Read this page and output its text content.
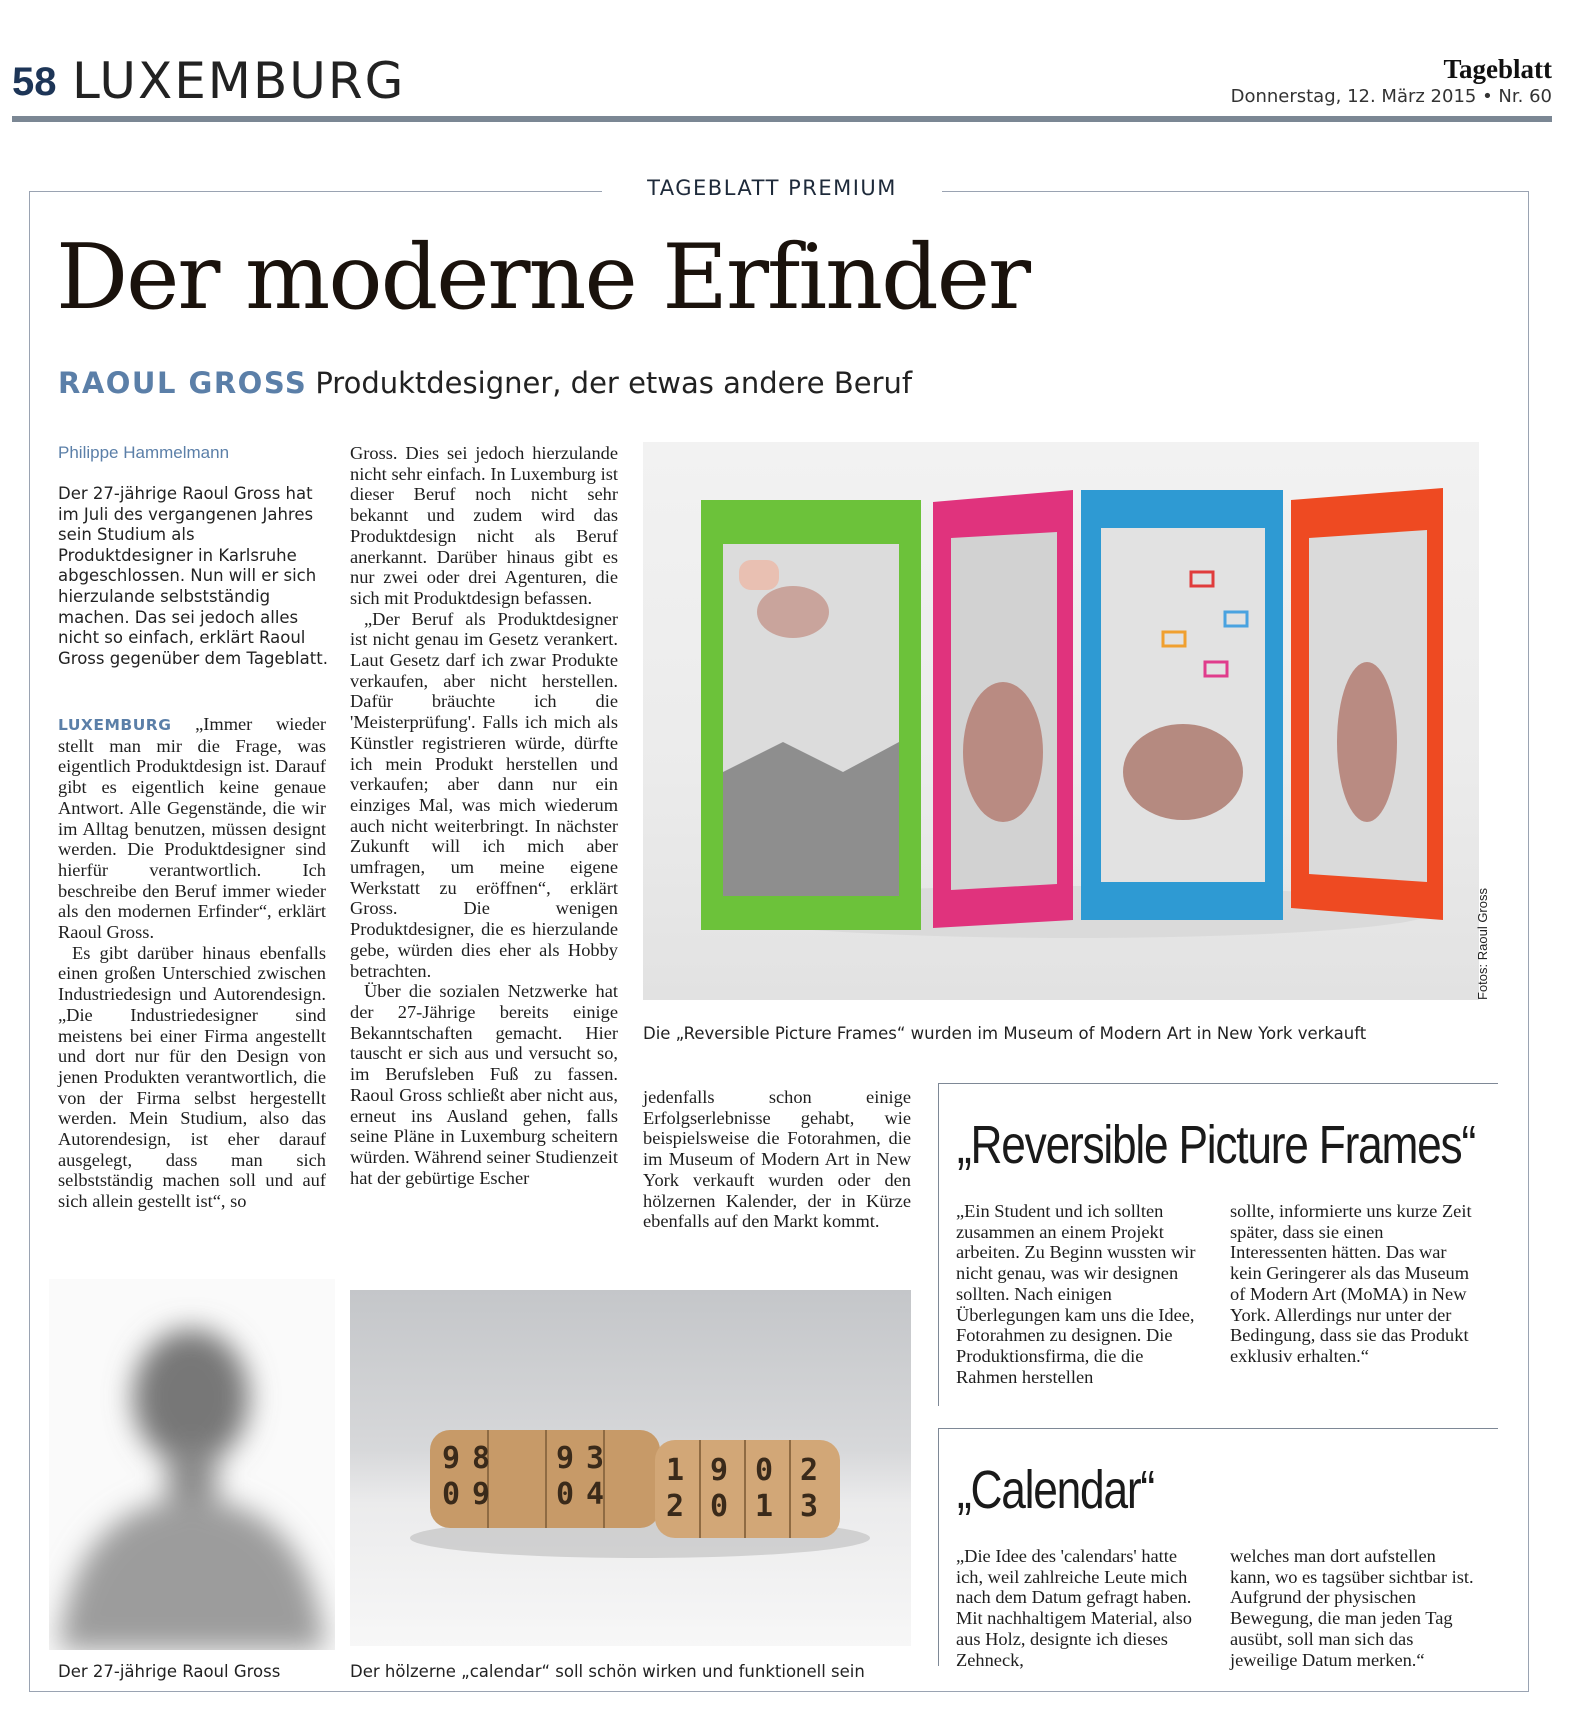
58 LUXEMBURG	Tageblatt
Donnerstag, 12. März 2015 • Nr. 60
TAGEBLATT PREMIUM
Der moderne Erfinder
RAOUL GROSS Produktdesigner, der etwas andere Beruf
Philippe Hammelmann
Der 27-jährige Raoul Gross hat im Juli des vergangenen Jahres sein Studium als Produktdesigner in Karlsruhe abgeschlossen. Nun will er sich hierzulande selbstständig machen. Das sei jedoch alles nicht so einfach, erklärt Raoul Gross gegenüber dem Tageblatt.

LUXEMBURG „Immer wieder stellt man mir die Frage, was eigentlich Produktdesign ist. Darauf gibt es eigentlich keine genaue Antwort. Alle Gegenstände, die wir im Alltag benutzen, müssen designt werden. Die Produktdesigner sind hierfür verantwortlich. Ich beschreibe den Beruf immer wieder als den modernen Erfinder“, erklärt Raoul Gross.

Es gibt darüber hinaus ebenfalls einen großen Unterschied zwischen Industriedesign und Autorendesign. „Die Industriedesigner sind meistens bei einer Firma angestellt und dort nur für den Design von jenen Produkten verantwortlich, die von der Firma selbst hergestellt werden. Mein Studium, also das Autorendesign, ist eher darauf ausgelegt, dass man sich selbstständig machen soll und auf sich allein gestellt ist“, so

Gross. Dies sei jedoch hierzulande nicht sehr einfach. In Luxemburg ist dieser Beruf noch nicht sehr bekannt und zudem wird das Produktdesign nicht als Beruf anerkannt. Darüber hinaus gibt es nur zwei oder drei Agenturen, die sich mit Produktdesign befassen.

„Der Beruf als Produktdesigner ist nicht genau im Gesetz verankert. Laut Gesetz darf ich zwar Produkte verkaufen, aber nicht herstellen. Dafür bräuchte ich die 'Meisterprüfung'. Falls ich mich als Künstler registrieren würde, dürfte ich mein Produkt herstellen und verkaufen; aber dann nur ein einziges Mal, was mich wiederum auch nicht weiterbringt. In nächster Zukunft will ich mich aber umfragen, um meine eigene Werkstatt zu eröffnen“, erklärt Gross. Die wenigen Produktdesigner, die es hierzulande gebe, würden dies eher als Hobby betrachten.

Über die sozialen Netzwerke hat der 27-Jährige bereits einige Bekanntschaften gemacht. Hier tauscht er sich aus und versucht so, im Berufsleben Fuß zu fassen. Raoul Gross schließt aber nicht aus, erneut ins Ausland gehen, falls seine Pläne in Luxemburg scheitern würden. Während seiner Studienzeit hat der gebürtige Escher

jedenfalls schon einige Erfolgserlebnisse gehabt, wie beispielsweise die Fotorahmen, die im Museum of Modern Art in New York verkauft wurden oder den hölzernen Kalender, der in Kürze ebenfalls auf den Markt kommt.

Die „Reversible Picture Frames“ wurden im Museum of Modern Art in New York verkauft
Fotos: Raoul Gross
Der 27-jährige Raoul Gross
9 8 9 3 1 9 0 2
0 9 0 4 2 0 1 3
Der hölzerne „calendar“ soll schön wirken und funktionell sein
„Reversible Picture Frames“
„Ein Student und ich sollten zusammen an einem Projekt arbeiten. Zu Beginn wussten wir nicht genau, was wir designen sollten. Nach einigen Überlegungen kam uns die Idee, Fotorahmen zu designen. Die Produktionsfirma, die die Rahmen herstellen
sollte, informierte uns kurze Zeit später, dass sie einen Interessenten hätten. Das war kein Geringerer als das Museum of Modern Art (MoMA) in New York. Allerdings nur unter der Bedingung, dass sie das Produkt exklusiv erhalten.“
„Calendar“
„Die Idee des 'calendars' hatte ich, weil zahlreiche Leute mich nach dem Datum gefragt haben. Mit nachhaltigem Material, also aus Holz, designte ich dieses Zehneck,
welches man dort aufstellen kann, wo es tagsüber sichtbar ist. Aufgrund der physischen Bewegung, die man jeden Tag ausübt, soll man sich das jeweilige Datum merken.“
